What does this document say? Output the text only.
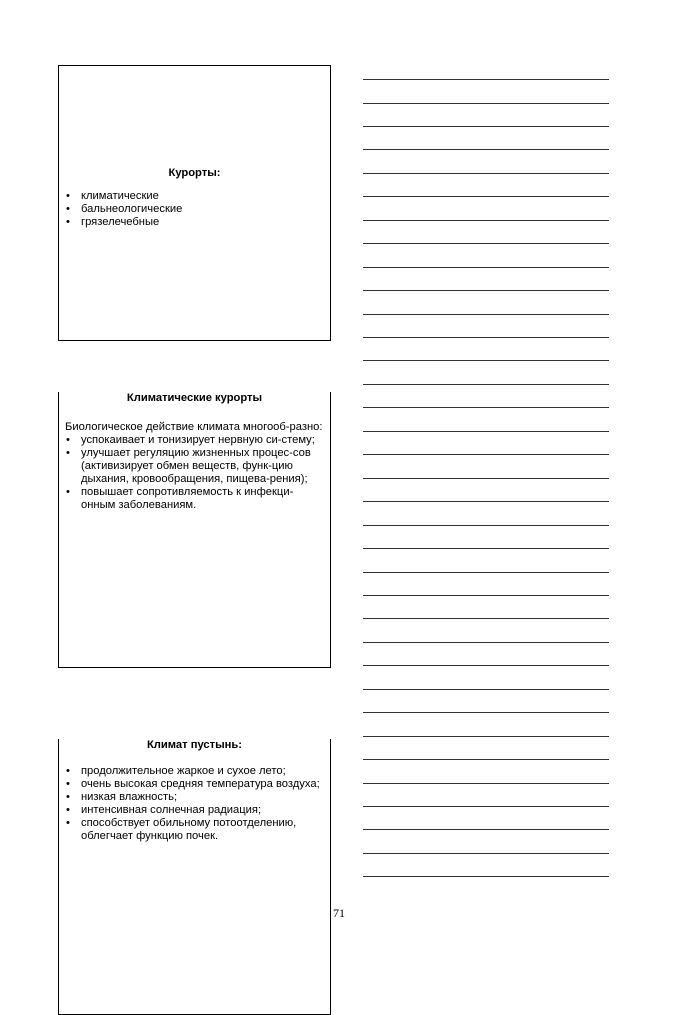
Курорты:
• климатические
• бальнеологические
• грязелечебные
Климатические курорты

Биологическое действие климата многооб-разно:

• успокаивает и тонизирует нервную си-стему;
• улучшает регуляцию жизненных процес-сов (активизирует обмен веществ, функ-цию дыхания, кровообращения, пищева-рения);
• повышает сопротивляемость к инфекци-онным заболеваниям.
Климат пустынь:
• продолжительное жаркое и сухое лето;
• очень высокая средняя температура воздуха;
• низкая влажность;
• интенсивная солнечная радиация;
• способствует обильному потоотделению, облегчает функцию почек.
71
